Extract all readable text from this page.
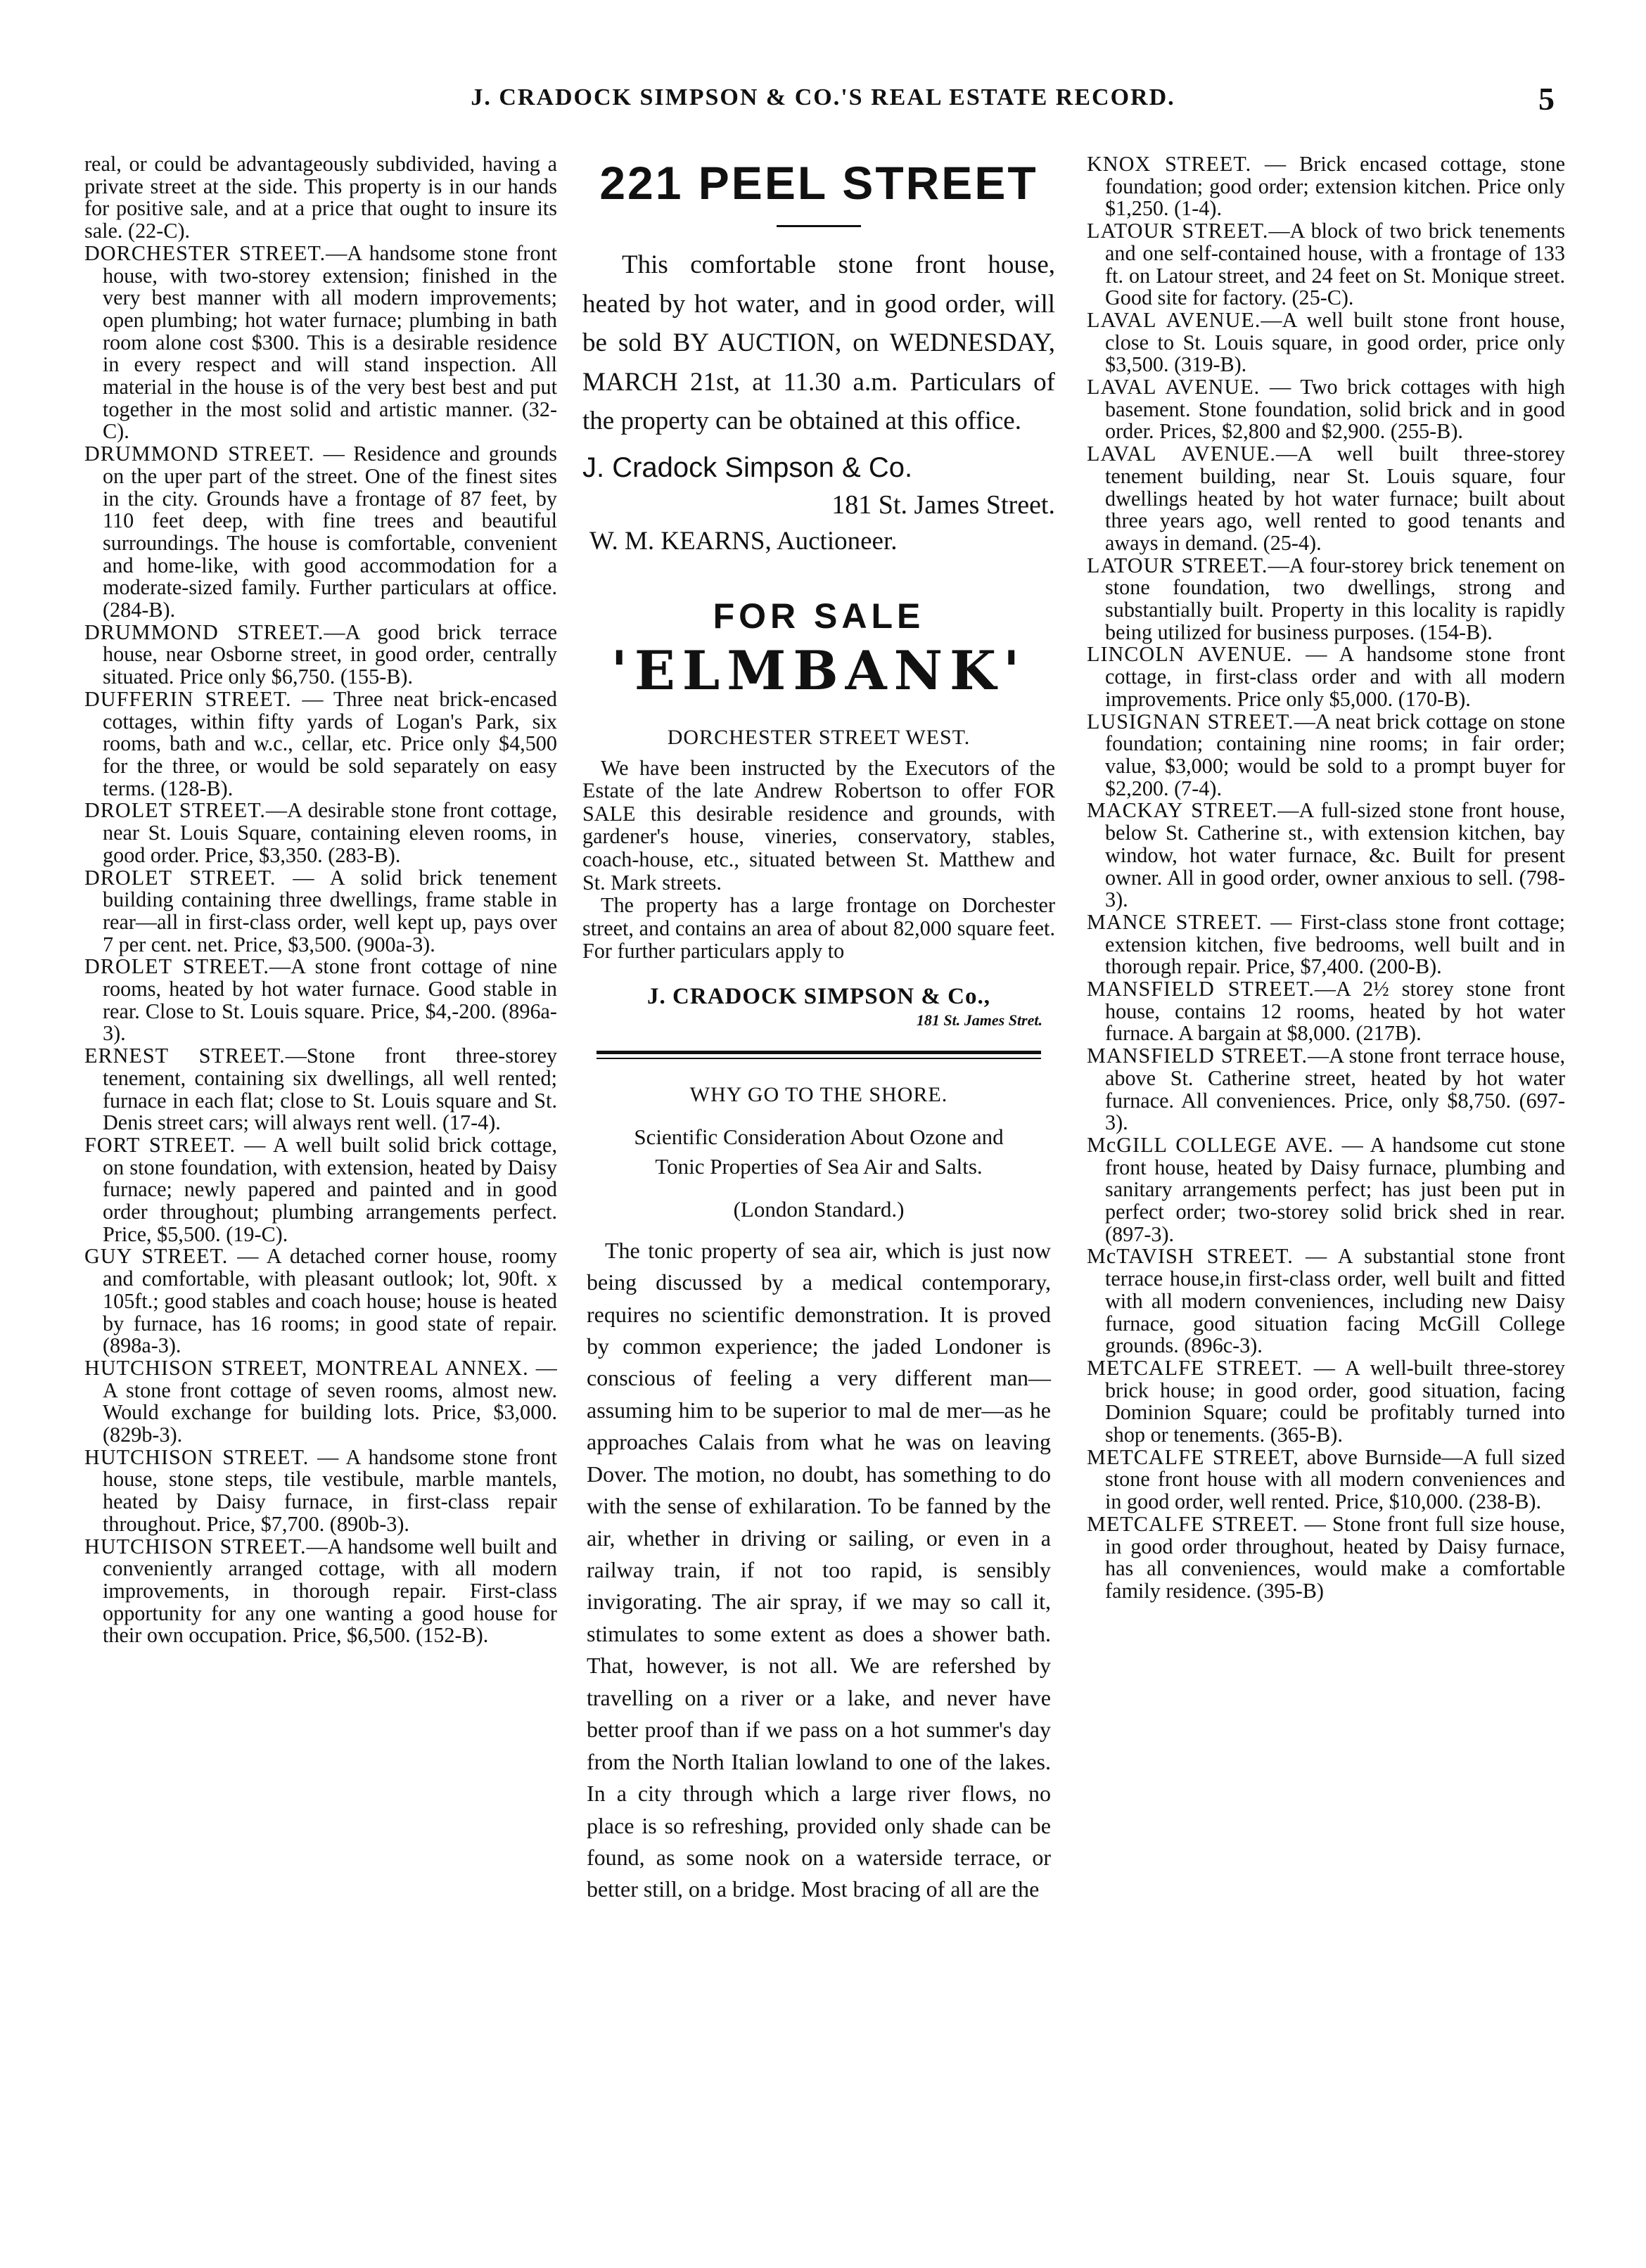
J. CRADOCK SIMPSON & CO.'S REAL ESTATE RECORD.	5

real, or could be advantageously subdivided, having a private street at the side. This property is in our hands for positive sale, and at a price that ought to insure its sale. (22-C).

DORCHESTER STREET.—A handsome stone front house, with two-storey extension; finished in the very best manner with all modern improvements; open plumbing; hot water furnace; plumbing in bath room alone cost $300. This is a desirable residence in every respect and will stand inspection. All material in the house is of the very best best and put together in the most solid and artistic manner. (32-C).

DRUMMOND STREET. — Residence and grounds on the uper part of the street. One of the finest sites in the city. Grounds have a frontage of 87 feet, by 110 feet deep, with fine trees and beautiful surroundings. The house is comfortable, convenient and home-like, with good accommodation for a moderate-sized family. Further particulars at office. (284-B).

DRUMMOND STREET.—A good brick terrace house, near Osborne street, in good order, centrally situated. Price only $6,750. (155-B).

DUFFERIN STREET. — Three neat brick-encased cottages, within fifty yards of Logan's Park, six rooms, bath and w.c., cellar, etc. Price only $4,500 for the three, or would be sold separately on easy terms. (128-B).

DROLET STREET.—A desirable stone front cottage, near St. Louis Square, containing eleven rooms, in good order. Price, $3,350. (283-B).

DROLET STREET. — A solid brick tenement building containing three dwellings, frame stable in rear—all in first-class order, well kept up, pays over 7 per cent. net. Price, $3,500. (900a-3).

DROLET STREET.—A stone front cottage of nine rooms, heated by hot water furnace. Good stable in rear. Close to St. Louis square. Price, $4,-200. (896a-3).

ERNEST STREET.—Stone front three-storey tenement, containing six dwellings, all well rented; furnace in each flat; close to St. Louis square and St. Denis street cars; will always rent well. (17-4).

FORT STREET. — A well built solid brick cottage, on stone foundation, with extension, heated by Daisy furnace; newly papered and painted and in good order throughout; plumbing arrangements perfect. Price, $5,500. (19-C).

GUY STREET. — A detached corner house, roomy and comfortable, with pleasant outlook; lot, 90ft. x 105ft.; good stables and coach house; house is heated by furnace, has 16 rooms; in good state of repair. (898a-3).

HUTCHISON STREET, MONTREAL ANNEX. — A stone front cottage of seven rooms, almost new. Would exchange for building lots. Price, $3,000. (829b-3).

HUTCHISON STREET. — A handsome stone front house, stone steps, tile vestibule, marble mantels, heated by Daisy furnace, in first-class repair throughout. Price, $7,700. (890b-3).

HUTCHISON STREET.—A handsome well built and conveniently arranged cottage, with all modern improvements, in thorough repair. First-class opportunity for any one wanting a good house for their own occupation. Price, $6,500. (152-B).

221 PEEL STREET

This comfortable stone front house, heated by hot water, and in good order, will be sold BY AUCTION, on WEDNESDAY, MARCH 21st, at 11.30 a.m. Particulars of the property can be obtained at this office.

J. Cradock Simpson & Co.

181 St. James Street.

W. M. KEARNS, Auctioneer.

FOR SALE
'ELMBANK'
DORCHESTER STREET WEST.

We have been instructed by the Executors of the Estate of the late Andrew Robertson to offer FOR SALE this desirable residence and grounds, with gardener's house, vineries, conservatory, stables, coach-house, etc., situated between St. Matthew and St. Mark streets.

The property has a large frontage on Dorchester street, and contains an area of about 82,000 square feet. For further particulars apply to

J. CRADOCK SIMPSON & Co.,
181 St. James Stret.
WHY GO TO THE SHORE.
Scientific Consideration About Ozone and Tonic Properties of Sea Air and Salts.
(London Standard.)

The tonic property of sea air, which is just now being discussed by a medical contemporary, requires no scientific demonstration. It is proved by common experience; the jaded Londoner is conscious of feeling a very different man—assuming him to be superior to mal de mer—as he approaches Calais from what he was on leaving Dover. The motion, no doubt, has something to do with the sense of exhilaration. To be fanned by the air, whether in driving or sailing, or even in a railway train, if not too rapid, is sensibly invigorating. The air spray, if we may so call it, stimulates to some extent as does a shower bath. That, however, is not all. We are refershed by travelling on a river or a lake, and never have better proof than if we pass on a hot summer's day from the North Italian lowland to one of the lakes. In a city through which a large river flows, no place is so refreshing, provided only shade can be found, as some nook on a waterside terrace, or better still, on a bridge. Most bracing of all are the

KNOX STREET. — Brick encased cottage, stone foundation; good order; extension kitchen. Price only $1,250. (1-4).

LATOUR STREET.—A block of two brick tenements and one self-contained house, with a frontage of 133 ft. on Latour street, and 24 feet on St. Monique street. Good site for factory. (25-C).

LAVAL AVENUE.—A well built stone front house, close to St. Louis square, in good order, price only $3,500. (319-B).

LAVAL AVENUE. — Two brick cottages with high basement. Stone foundation, solid brick and in good order. Prices, $2,800 and $2,900. (255-B).

LAVAL AVENUE.—A well built three-storey tenement building, near St. Louis square, four dwellings heated by hot water furnace; built about three years ago, well rented to good tenants and aways in demand. (25-4).

LATOUR STREET.—A four-storey brick tenement on stone foundation, two dwellings, strong and substantially built. Property in this locality is rapidly being utilized for business purposes. (154-B).

LINCOLN AVENUE. — A handsome stone front cottage, in first-class order and with all modern improvements. Price only $5,000. (170-B).

LUSIGNAN STREET.—A neat brick cottage on stone foundation; containing nine rooms; in fair order; value, $3,000; would be sold to a prompt buyer for $2,200. (7-4).

MACKAY STREET.—A full-sized stone front house, below St. Catherine st., with extension kitchen, bay window, hot water furnace, &c. Built for present owner. All in good order, owner anxious to sell. (798-3).

MANCE STREET. — First-class stone front cottage; extension kitchen, five bedrooms, well built and in thorough repair. Price, $7,400. (200-B).

MANSFIELD STREET.—A 2½ storey stone front house, contains 12 rooms, heated by hot water furnace. A bargain at $8,000. (217B).

MANSFIELD STREET.—A stone front terrace house, above St. Catherine street, heated by hot water furnace. All conveniences. Price, only $8,750. (697-3).

McGILL COLLEGE AVE. — A handsome cut stone front house, heated by Daisy furnace, plumbing and sanitary arrangements perfect; has just been put in perfect order; two-storey solid brick shed in rear. (897-3).

McTAVISH STREET. — A substantial stone front terrace house,in first-class order, well built and fitted with all modern conveniences, including new Daisy furnace, good situation facing McGill College grounds. (896c-3).

METCALFE STREET. — A well-built three-storey brick house; in good order, good situation, facing Dominion Square; could be profitably turned into shop or tenements. (365-B).

METCALFE STREET, above Burnside—A full sized stone front house with all modern conveniences and in good order, well rented. Price, $10,000. (238-B).

METCALFE STREET. — Stone front full size house, in good order throughout, heated by Daisy furnace, has all conveniences, would make a comfortable family residence. (395-B)
